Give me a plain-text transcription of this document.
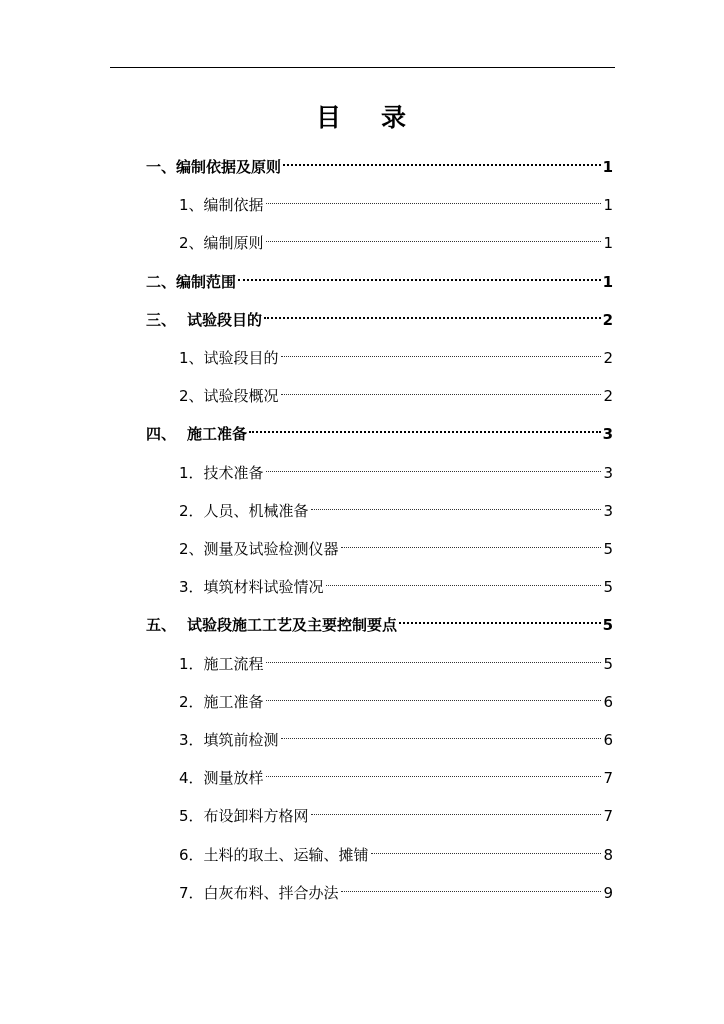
目 录
一、 编制依据及原则	1
1、 编制依据	1
2、 编制原则	1
二、 编制范围	1
三、 试验段目的	2
1、 试验段目的	2
2、 试验段概况	2
四、 施工准备	3
1． 技术准备	3
2． 人员、机械准备	3
2、 测量及试验检测仪器	5
3． 填筑材料试验情况	5
五、 试验段施工工艺及主要控制要点	5
1． 施工流程	5
2． 施工准备	6
3． 填筑前检测	6
4． 测量放样	7
5． 布设卸料方格网	7
6． 土料的取土、运输、摊铺	8
7． 白灰布料、拌合办法	9
